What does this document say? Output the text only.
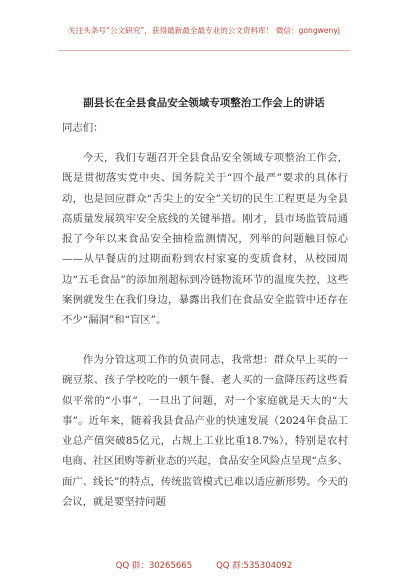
关注头条号“公文研究”，获得最新最全最专业的公文资料库！ 微信：gongwenyj
副县长在全县食品安全领域专项整治工作会上的讲话
同志们：
今天，我们专题召开全县食品安全领域专项整治工作会，既是贯彻落实党中央、国务院关于“四个最严”要求的具体行动，也是回应群众“舌尖上的安全”关切的民生工程更是为全县高质量发展筑牢安全底线的关键举措。刚才，县市场监管局通报了今年以来食品安全抽检监测情况，列举的问题触目惊心——从早餐店的过期面粉到农村家宴的变质食材，从校园周边“五毛食品”的添加剂超标到冷链物流环节的温度失控，这些案例就发生在我们身边，暴露出我们在食品安全监管中还存在不少“漏洞”和“盲区”。
作为分管这项工作的负责同志，我常想：群众早上买的一碗豆浆、孩子学校吃的一顿午餐、老人买的一盒降压药这些看似平常的“小事”，一旦出了问题，对一个家庭就是天大的“大事”。近年来，随着我县食品产业的快速发展（2024年食品工业总产值突破85亿元，占规上工业比重18.7%），特别是农村电商、社区团购等新业态的兴起，食品安全风险点呈现“点多、面广、线长”的特点，传统监管模式已难以适应新形势。今天的会议，就是要坚持问题
QQ 群：30265665	QQ 群:535304092
